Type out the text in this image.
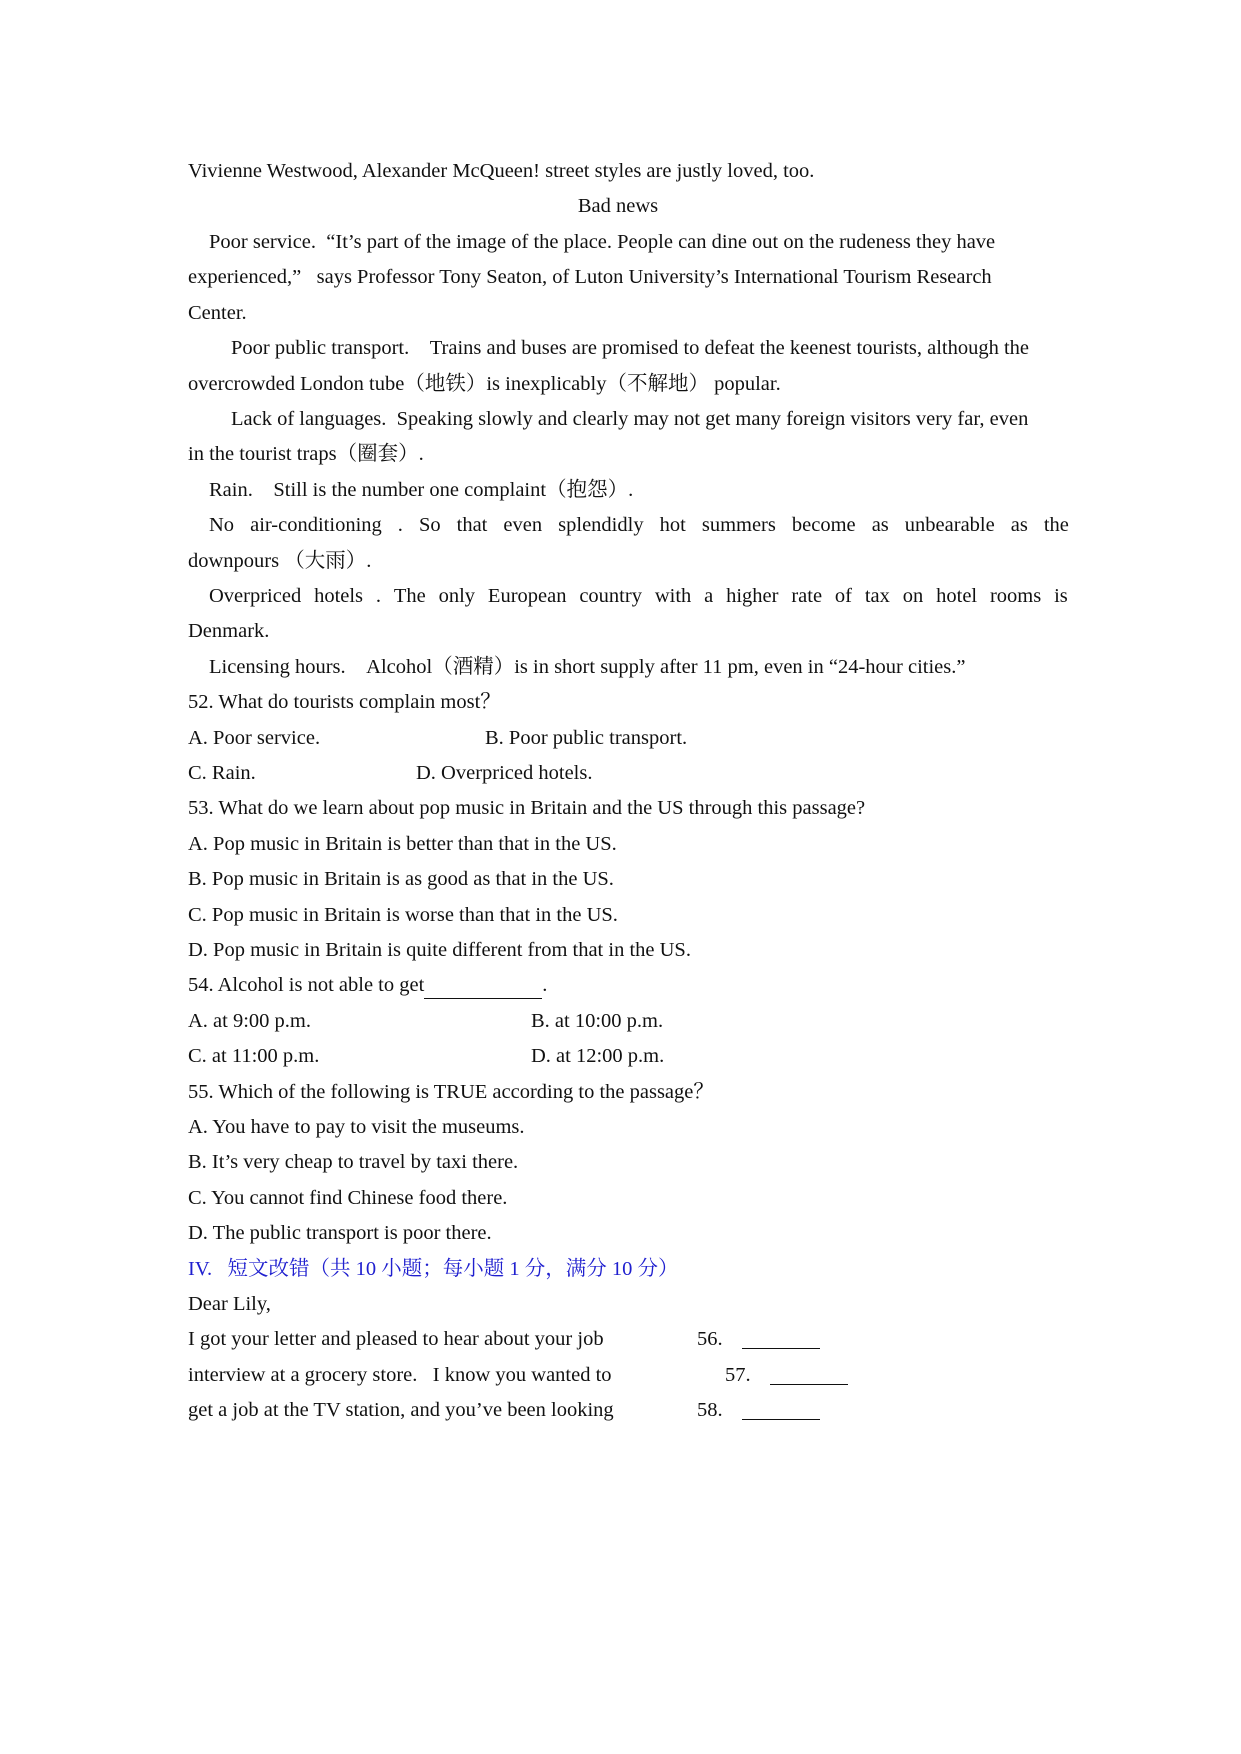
Vivienne Westwood, Alexander McQueen! street styles are justly loved, too.
Bad news
Poor service. “It’s part of the image of the place. People can dine out on the rudeness they have
experienced,” says Professor Tony Seaton, of Luton University’s International Tourism Research
Center.
Poor public transport. Trains and buses are promised to defeat the keenest tourists, although the
overcrowded London tube（地铁）is inexplicably（不解地） popular.
Lack of languages. Speaking slowly and clearly may not get many foreign visitors very far, even
in the tourist traps（圈套）.
Rain. Still is the number one complaint（抱怨）.
No air-conditioning . So that even splendidly hot summers become as unbearable as the
downpours （大雨）.
Overpriced hotels . The only European country with a higher rate of tax on hotel rooms is
Denmark.
Licensing hours. Alcohol（酒精）is in short supply after 11 pm, even in “24-hour cities.”
52. What do tourists complain most？
A. Poor service.	B. Poor public transport.
C. Rain.	D. Overpriced hotels.
53. What do we learn about pop music in Britain and the US through this passage?
A. Pop music in Britain is better than that in the US.
B. Pop music in Britain is as good as that in the US.
C. Pop music in Britain is worse than that in the US.
D. Pop music in Britain is quite different from that in the US.
54. Alcohol is not able to get	.
A. at 9:00 p.m.	B. at 10:00 p.m.
C. at 11:00 p.m.	D. at 12:00 p.m.
55. Which of the following is TRUE according to the passage？
A. You have to pay to visit the museums.
B. It’s very cheap to travel by taxi there.
C. You cannot find Chinese food there.
D. The public transport is poor there.
IV. 短文改错（共 10 小题；每小题 1 分，满分 10 分）
Dear Lily,
I got your letter and pleased to hear about your job	56.
interview at a grocery store.   I know you wanted to	57.
get a job at the TV station, and you’ve been looking	58.
